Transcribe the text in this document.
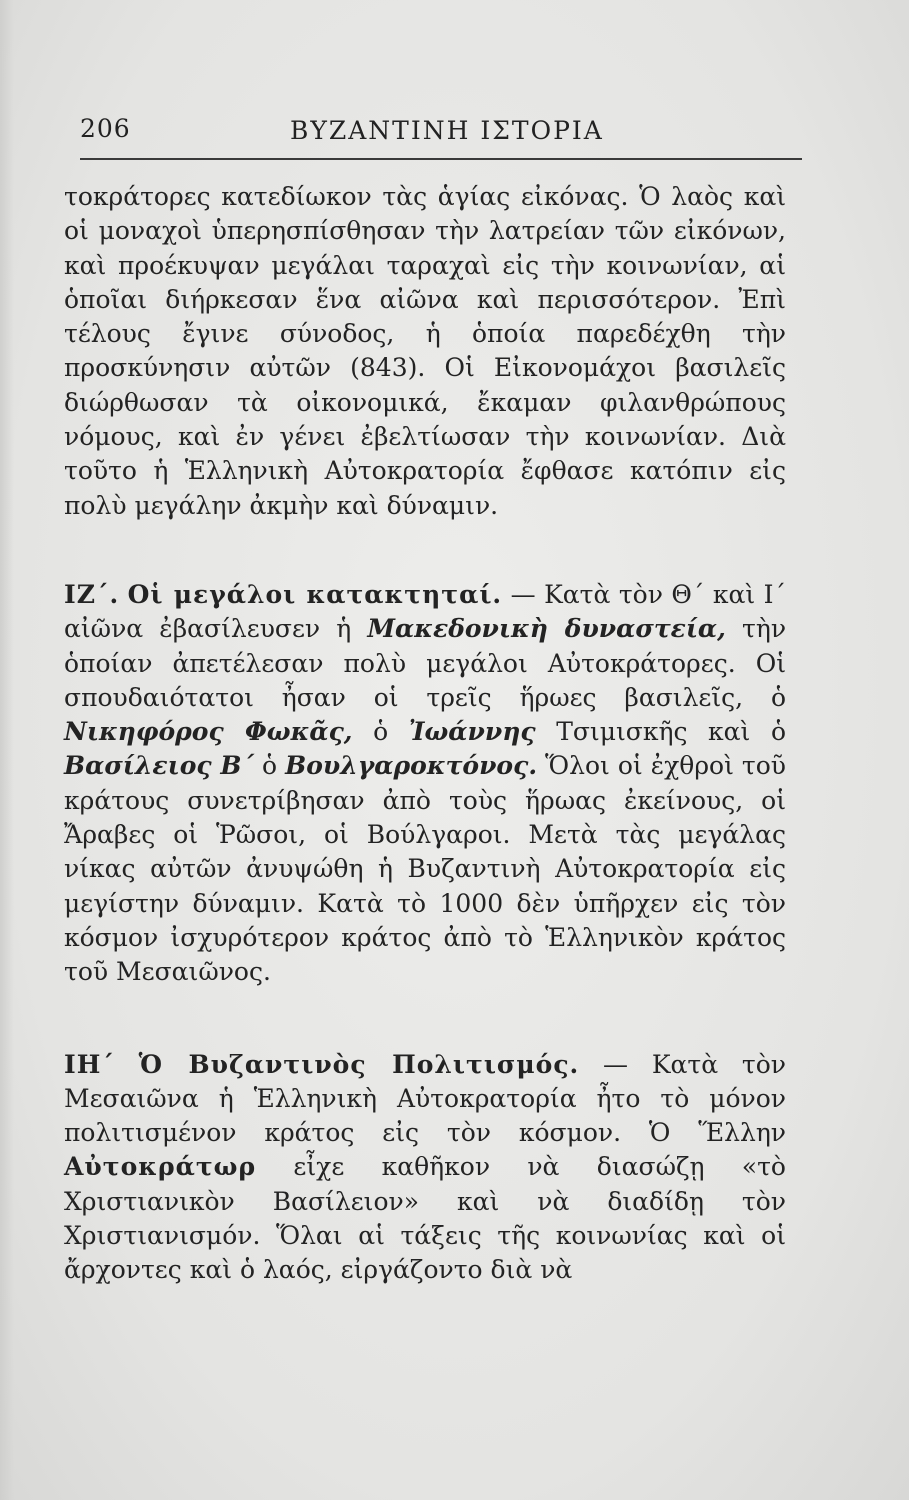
206	ΒΥΖΑΝΤΙΝΗ ΙΣΤΟΡΙΑ

τοκράτορες κατεδίωκον τὰς ἁγίας εἰκόνας. Ὁ λαὸς καὶ οἱ μοναχοὶ ὑπερησπίσθησαν τὴν λατρείαν τῶν εἰκόνων, καὶ προέκυψαν μεγάλαι ταραχαὶ εἰς τὴν κοινωνίαν, αἱ ὁποῖαι διήρκεσαν ἕνα αἰῶνα καὶ περισσότερον. Ἐπὶ τέλους ἔγινε σύνοδος, ἡ ὁποία παρεδέχθη τὴν προσκύνησιν αὐτῶν (843). Οἱ Εἰκονομάχοι βασιλεῖς διώρθωσαν τὰ οἰκονομικά, ἔκαμαν φιλανθρώπους νόμους, καὶ ἐν γένει ἐβελτίωσαν τὴν κοινωνίαν. Διὰ τοῦτο ἡ Ἑλληνικὴ Αὐτοκρατορία ἔφθασε κατόπιν εἰς πολὺ μεγάλην ἀκμὴν καὶ δύναμιν.

ΙΖ΄. Οἱ μεγάλοι κατακτηταί. — Κατὰ τὸν Θ΄ καὶ Ι΄ αἰῶνα ἐβασίλευσεν ἡ Μακεδονικὴ δυναστεία, τὴν ὁποίαν ἀπετέλεσαν πολὺ μεγάλοι Αὐτοκράτορες. Οἱ σπουδαιότατοι ἦσαν οἱ τρεῖς ἥρωες βασιλεῖς, ὁ Νικηφόρος Φωκᾶς, ὁ Ἰωάννης Τσιμισκῆς καὶ ὁ Βασίλειος Β΄ ὁ Βουλγαροκτόνος. Ὅλοι οἱ ἐχθροὶ τοῦ κράτους συνετρίβησαν ἀπὸ τοὺς ἥρωας ἐκείνους, οἱ Ἄραβες οἱ Ῥῶσοι, οἱ Βούλγαροι. Μετὰ τὰς μεγάλας νίκας αὐτῶν ἀνυψώθη ἡ Βυζαντινὴ Αὐτοκρατορία εἰς μεγίστην δύναμιν. Κατὰ τὸ 1000 δὲν ὑπῆρχεν εἰς τὸν κόσμον ἰσχυρότερον κράτος ἀπὸ τὸ Ἑλληνικὸν κράτος τοῦ Μεσαιῶνος.

ΙΗ΄ Ὁ Βυζαντινὸς Πολιτισμός. — Κατὰ τὸν Μεσαιῶνα ἡ Ἑλληνικὴ Αὐτοκρατορία ἦτο τὸ μόνον πολιτισμένον κράτος εἰς τὸν κόσμον. Ὁ Ἕλλην Αὐτοκράτωρ εἶχε καθῆκον νὰ διασώζῃ «τὸ Χριστιανικὸν Βασίλειον» καὶ νὰ διαδίδῃ τὸν Χριστιανισμόν. Ὅλαι αἱ τάξεις τῆς κοινωνίας καὶ οἱ ἄρχοντες καὶ ὁ λαός, εἰργάζοντο διὰ νὰ
